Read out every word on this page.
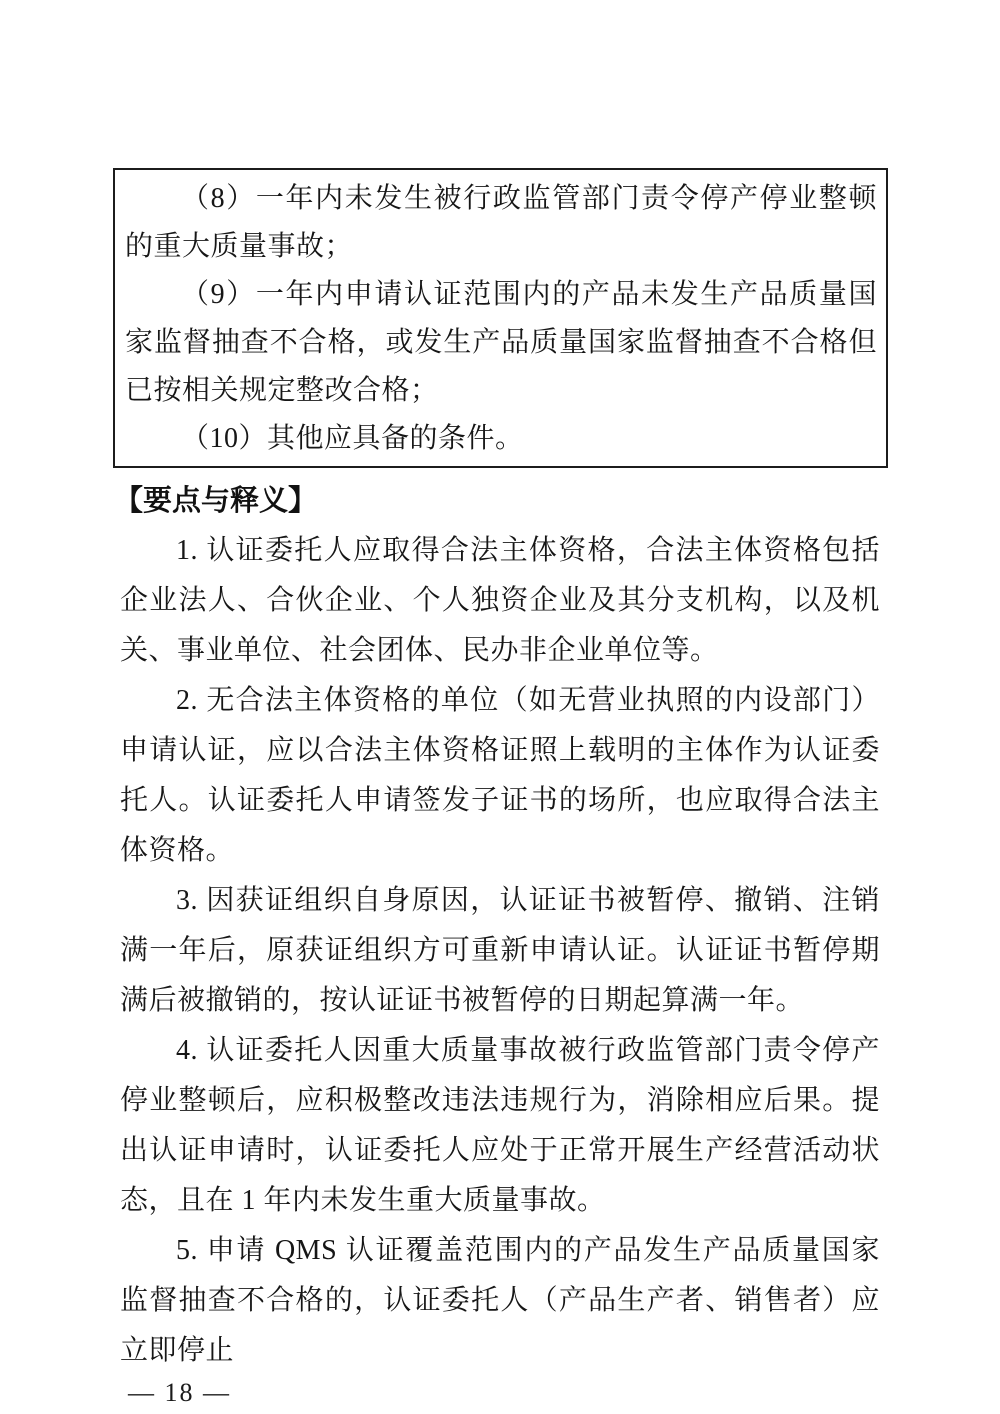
（8）一年内未发生被行政监管部门责令停产停业整顿的重大质量事故；

（9）一年内申请认证范围内的产品未发生产品质量国家监督抽查不合格，或发生产品质量国家监督抽查不合格但已按相关规定整改合格；

（10）其他应具备的条件。

【要点与释义】

1. 认证委托人应取得合法主体资格，合法主体资格包括企业法人、合伙企业、个人独资企业及其分支机构，以及机关、事业单位、社会团体、民办非企业单位等。

2. 无合法主体资格的单位（如无营业执照的内设部门）申请认证，应以合法主体资格证照上载明的主体作为认证委托人。认证委托人申请签发子证书的场所，也应取得合法主体资格。

3. 因获证组织自身原因，认证证书被暂停、撤销、注销满一年后，原获证组织方可重新申请认证。认证证书暂停期满后被撤销的，按认证证书被暂停的日期起算满一年。

4. 认证委托人因重大质量事故被行政监管部门责令停产停业整顿后，应积极整改违法违规行为，消除相应后果。提出认证申请时，认证委托人应处于正常开展生产经营活动状态，且在 1 年内未发生重大质量事故。

5. 申请 QMS 认证覆盖范围内的产品发生产品质量国家监督抽查不合格的，认证委托人（产品生产者、销售者）应立即停止

— 18 —
